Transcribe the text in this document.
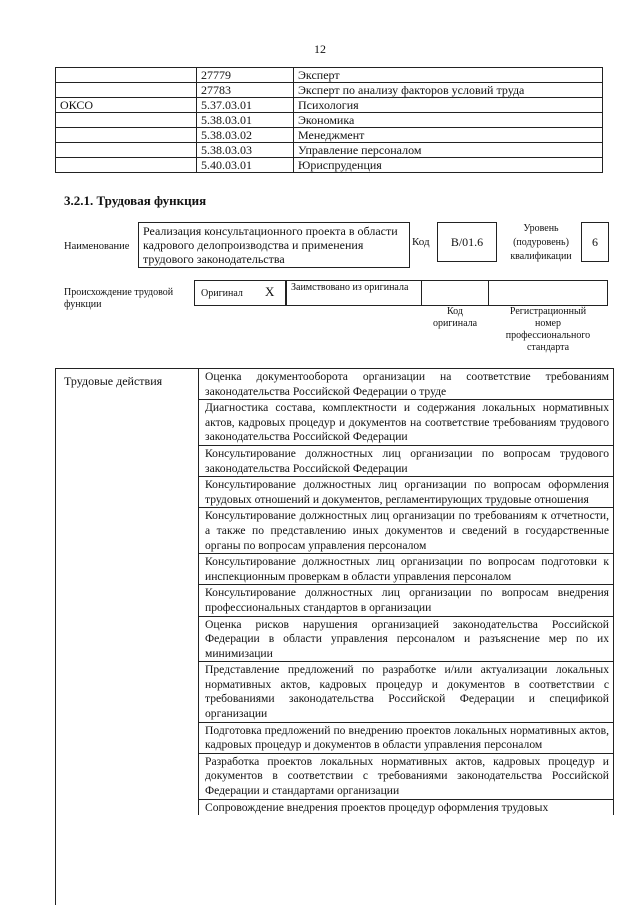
12
	27779	Эксперт
	27783	Эксперт по анализу факторов условий труда
ОКСО	5.37.03.01	Психология
	5.38.03.01	Экономика
	5.38.03.02	Менеджмент
	5.38.03.03	Управление персоналом
	5.40.03.01	Юриспруденция
3.2.1. Трудовая функция
Наименование
Реализация консультационного проекта в области кадрового делопроизводства и применения трудового законодательства
Код	B/01.6
Уровень (подуровень) квалификации
6
Происхождение трудовой функции
Оригинал X Заимствовано из оригинала
Код оригинала
Регистрационный номер профессионального стандарта
Трудовые действия	Оценка документооборота организации на соответствие требованиям законодательства Российской Федерации о труде
Диагностика состава, комплектности и содержания локальных нормативных актов, кадровых процедур и документов на соответствие требованиям трудового законодательства Российской Федерации
Консультирование должностных лиц организации по вопросам трудового законодательства Российской Федерации
Консультирование должностных лиц организации по вопросам оформления трудовых отношений и документов, регламентирующих трудовые отношения
Консультирование должностных лиц организации по требованиям к отчетности, а также по представлению иных документов и сведений в государственные органы по вопросам управления персоналом
Консультирование должностных лиц организации по вопросам подготовки к инспекционным проверкам в области управления персоналом
Консультирование должностных лиц организации по вопросам внедрения профессиональных стандартов в организации
Оценка рисков нарушения организацией законодательства Российской Федерации в области управления персоналом и разъяснение мер по их минимизации
Представление предложений по разработке и/или актуализации локальных нормативных актов, кадровых процедур и документов в соответствии с требованиями законодательства Российской Федерации и спецификой организации
Подготовка предложений по внедрению проектов локальных нормативных актов, кадровых процедур и документов в области управления персоналом
Разработка проектов локальных нормативных актов, кадровых процедур и документов в соответствии с требованиями законодательства Российской Федерации и стандартами организации
Сопровождение внедрения проектов процедур оформления трудовых
